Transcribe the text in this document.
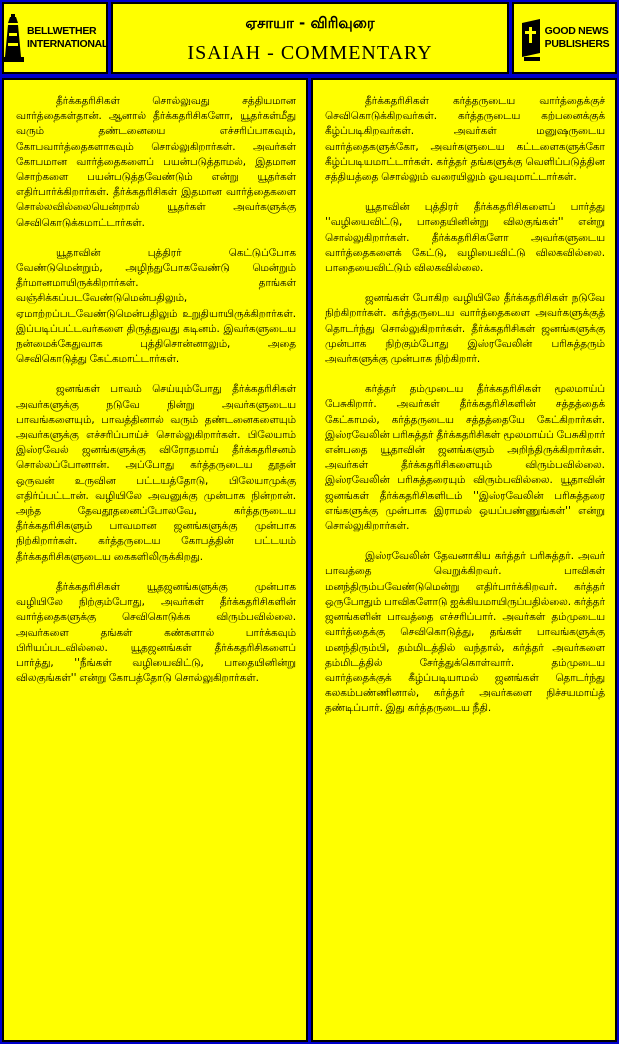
BELLWETHER
INTERNATIONAL
ஏசாயா - விரிவுரை
ISAIAH - COMMENTARY
GOOD NEWS
PUBLISHERS

தீர்க்கதரிசிகள் சொல்லுவது சத்தியமான வார்த்தைகள்தான். ஆனால் தீர்க்கதரிசிகளோ, யூதர்கள்மீது வரும் தண்டனையை எச்சரிப்பாகவும், கோபவார்த்தைகளாகவும் சொல்லுகிறார்கள். அவர்கள் கோபமான வார்த்தைகளைப் பயன்படுத்தாமல், இதமான சொற்களை பயன்படுத்தவேண்டும் என்று யூதர்கள் எதிர்பார்க்கிறார்கள். தீர்க்கதரிசிகள் இதமான வார்த்தைகளை சொல்லவில்லையென்றால் யூதர்கள் அவர்களுக்கு செவிகொடுக்கமாட்டார்கள்.

யூதாவின் புத்திரர் கெட்டுப்போக வேண்டுமென்றும், அழிந்துபோகவேண்டு மென்றும் தீர்மானமாயிருக்கிறார்கள். தாங்கள் வஞ்சிக்கப்படவேண்டுமென்பதிலும், ஏமாற்றப்படவேண்டுமென்பதிலும் உறுதியாயிருக்கிறார்கள். இப்படிப்பட்டவர்களை திருத்துவது கடினம். இவர்களுடைய நன்மைக்கேதுவாக புத்திசொன்னாலும், அதை செவிகொடுத்து கேட்கமாட்டார்கள்.

ஜனங்கள் பாவம் செய்யும்போது தீர்க்கதரிசிகள் அவர்களுக்கு நடுவே நின்று அவர்களுடைய பாவங்களையும், பாவத்தினால் வரும் தண்டனைகளையும் அவர்களுக்கு எச்சரிப்பாய்ச் சொல்லுகிறார்கள். பிலேயாம் இஸ்ரவேல் ஜனங்களுக்கு விரோதமாய் தீர்க்கதரிசனம் சொல்லப்போனான். அப்போது கர்த்தருடைய தூதன் ஒருவன் உருவின பட்டயத்தோடு, பிலேயாமுக்கு எதிர்ப்பட்டான். வழியிலே அவனுக்கு முன்பாக நின்றான். அந்த தேவதூதனைப்போலவே, கர்த்தருடைய தீர்க்கதரிசிகளும் பாவமான ஜனங்களுக்கு முன்பாக நிற்கிறார்கள். கர்த்தருடைய கோபத்தின் பட்டயம் தீர்க்கதரிசிகளுடைய கைகளிலிருக்கிறது.

தீர்க்கதரிசிகள் யூதஜனங்களுக்கு முன்பாக வழியிலே நிற்கும்போது, அவர்கள் தீர்க்கதரிசிகளின் வார்த்தைகளுக்கு செவிகொடுக்க விரும்பவில்லை. அவர்களை தங்கள் கண்களால் பார்க்கவும் பிரியப்படவில்லை. யூதஜனங்கள் தீர்க்கதரிசிகளைப் பார்த்து, ''நீங்கள் வழியைவிட்டு, பாதையினின்று விலகுங்கள்'' என்று கோபத்தோடு சொல்லுகிறார்கள்.

தீர்க்கதரிசிகள் கர்த்தருடைய வார்த்தைக்குச் செவிகொடுக்கிறவர்கள். கர்த்தருடைய கற்பனைக்குக் கீழ்ப்படிகிறவர்கள். அவர்கள் மனுஷருடைய வார்த்தைகளுக்கோ, அவர்களுடைய கட்டளைகளுக்கோ கீழ்ப்படியமாட்டார்கள். கர்த்தர் தங்களுக்கு வெளிப்படுத்தின சத்தியத்தை சொல்லும் வரையிலும் ஓயவுமாட்டார்கள்.

யூதாவின் புத்திரர் தீர்க்கதரிசிகளைப் பார்த்து ''வழியைவிட்டு, பாதையினின்று விலகுங்கள்'' என்று சொல்லுகிறார்கள். தீர்க்கதரிசிகளோ அவர்களுடைய வார்த்தைகளைக் கேட்டு, வழியைவிட்டு விலகவில்லை. பாதையைவிட்டும் விலகவில்லை.

ஜனங்கள் போகிற வழியிலே தீர்க்கதரிசிகள் நடுவே நிற்கிறார்கள். கர்த்தருடைய வார்த்தைகளை அவர்களுக்குத் தொடர்ந்து சொல்லுகிறார்கள். தீர்க்கதரிசிகள் ஜனங்களுக்கு முன்பாக நிற்கும்போது இஸ்ரவேலின் பரிசுத்தரும் அவர்களுக்கு முன்பாக நிற்கிறார்.

கர்த்தர் தம்முடைய தீர்க்கதரிசிகள் மூலமாய்ப் பேசுகிறார். அவர்கள் தீர்க்கதரிசிகளின் சத்தத்தைக் கேட்காமல், கர்த்தருடைய சத்தத்தையே கேட்கிறார்கள். இஸ்ரவேலின் பரிசுத்தர் தீர்க்கதரிசிகள் மூலமாய்ப் பேசுகிறார் என்பதை யூதாவின் ஜனங்களும் அறிந்திருக்கிறார்கள். அவர்கள் தீர்க்கதரிசிகளையும் விரும்பவில்லை. இஸ்ரவேலின் பரிசுத்தரையும் விரும்பவில்லை. யூதாவின் ஜனங்கள் தீர்க்கதரிசிகளிடம் ''இஸ்ரவேலின் பரிசுத்தரை எங்களுக்கு முன்பாக இராமல் ஒயப்பண்ணுங்கள்'' என்று சொல்லுகிறார்கள்.

இஸ்ரவேலின் தேவனாகிய கர்த்தர் பரிசுத்தர். அவர் பாவத்தை வெறுக்கிறவர். பாவிகள் மனந்திரும்பவேண்டுமென்று எதிர்பார்க்கிறவர். கர்த்தர் ஒருபோதும் பாவிகளோடு ஐக்கியமாயிருப்பதில்லை. கர்த்தர் ஜனங்களின் பாவத்தை எச்சரிப்பார். அவர்கள் தம்முடைய வார்த்தைக்கு செவிகொடுத்து, தங்கள் பாவங்களுக்கு மனந்திரும்பி, தம்மிடத்தில் வந்தால், கர்த்தர் அவர்களை தம்மிடத்தில் சேர்த்துக்கொள்வார். தம்முடைய வார்த்தைக்குக் கீழ்ப்படியாமல் ஜனங்கள் தொடர்ந்து கலகம்பண்ணினால், கர்த்தர் அவர்களை நிச்சயமாய்த் தண்டிப்பார். இது கர்த்தருடைய நீதி.
